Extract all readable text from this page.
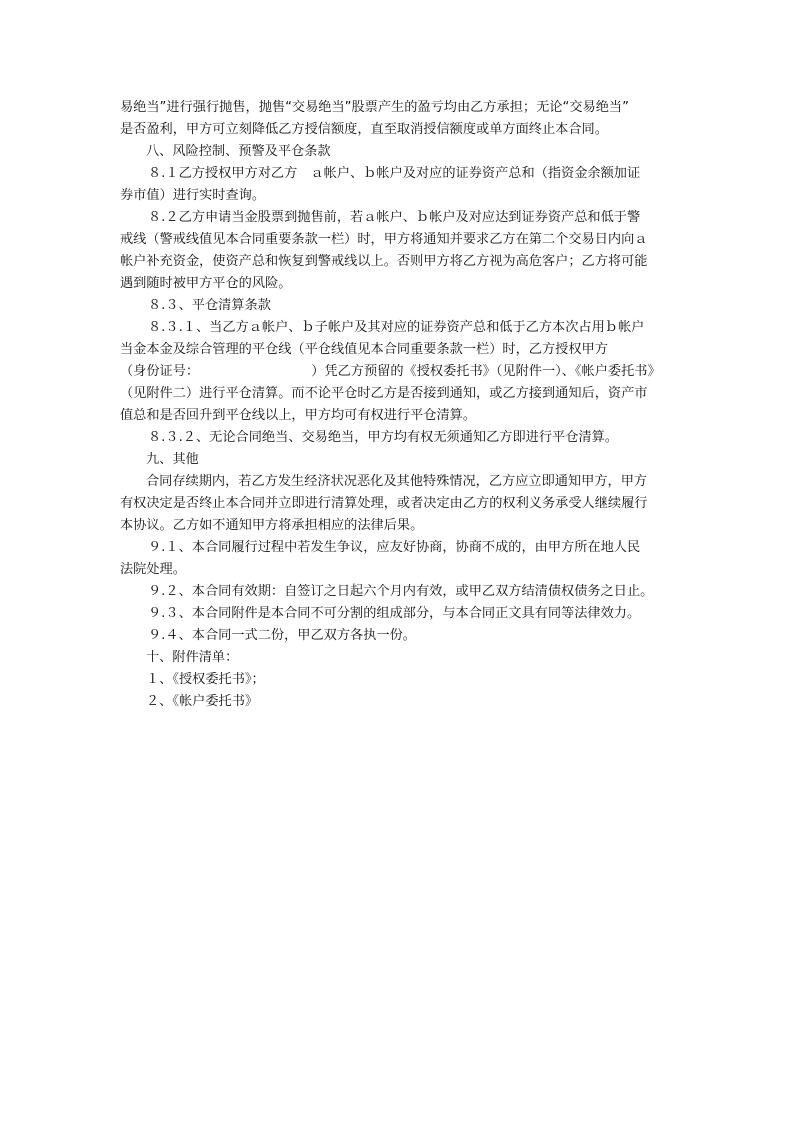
易绝当”进行强行抛售，抛售“交易绝当”股票产生的盈亏均由乙方承担；无论“交易绝当”
是否盈利，甲方可立刻降低乙方授信额度，直至取消授信额度或单方面终止本合同。
八、风险控制、预警及平仓条款
８.１乙方授权甲方对乙方　ａ帐户、ｂ帐户及对应的证券资产总和（指资金余额加证
券市值）进行实时查询。
８.２乙方申请当金股票到抛售前，若ａ帐户、ｂ帐户及对应达到证券资产总和低于警
戒线（警戒线值见本合同重要条款一栏）时，甲方将通知并要求乙方在第二个交易日内向ａ
帐户补充资金，使资产总和恢复到警戒线以上。否则甲方将乙方视为高危客户；乙方将可能
遇到随时被甲方平仓的风险。
８.３、平仓清算条款
８.３.１、当乙方ａ帐户、ｂ子帐户及其对应的证券资产总和低于乙方本次占用ｂ帐户
当金本金及综合管理的平仓线（平仓线值见本合同重要条款一栏）时，乙方授权甲方
（身份证号：　　　　　　　　　）凭乙方预留的《授权委托书》（见附件一）、《帐户委托书》
（见附件二）进行平仓清算。而不论平仓时乙方是否接到通知，或乙方接到通知后，资产市
值总和是否回升到平仓线以上，甲方均可有权进行平仓清算。
８.３.２、无论合同绝当、交易绝当，甲方均有权无须通知乙方即进行平仓清算。
九、其他
合同存续期内，若乙方发生经济状况恶化及其他特殊情况，乙方应立即通知甲方，甲方
有权决定是否终止本合同并立即进行清算处理，或者决定由乙方的权利义务承受人继续履行
本协议。乙方如不通知甲方将承担相应的法律后果。
９.１、本合同履行过程中若发生争议，应友好协商，协商不成的，由甲方所在地人民
法院处理。
９.２、本合同有效期：自签订之日起六个月内有效，或甲乙双方结清债权债务之日止。
９.３、本合同附件是本合同不可分割的组成部分，与本合同正文具有同等法律效力。
９.４、本合同一式二份，甲乙双方各执一份。
十、附件清单：
１、《授权委托书》；
２、《帐户委托书》
